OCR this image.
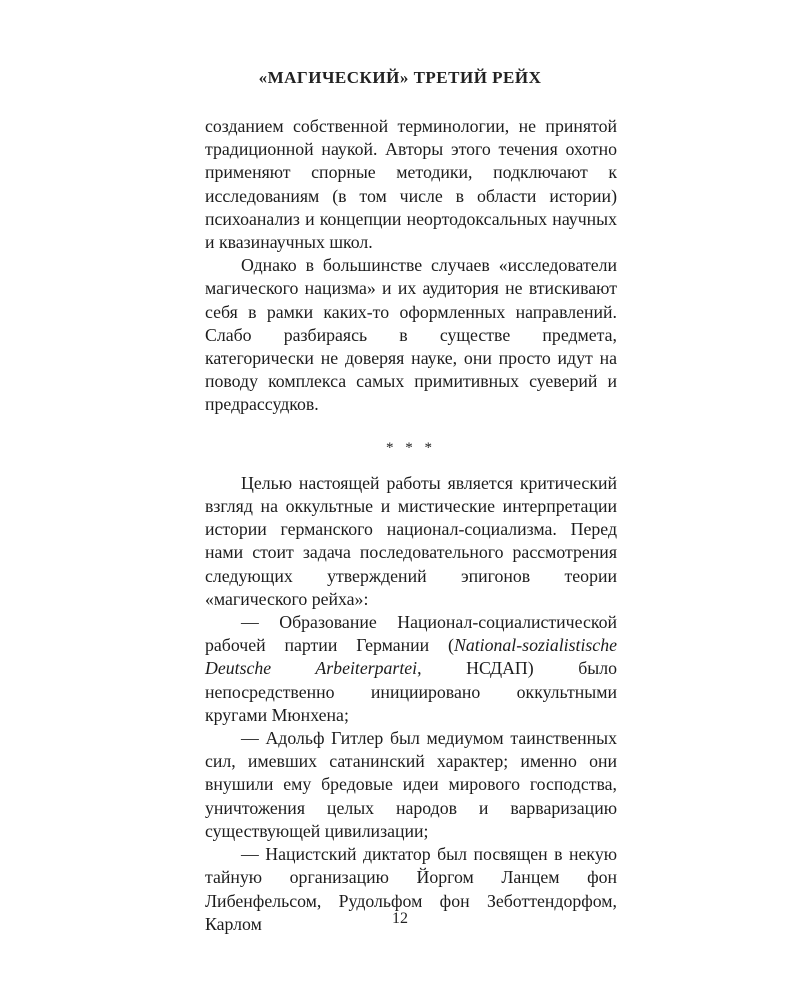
«МАГИЧЕСКИЙ» ТРЕТИЙ РЕЙХ

созданием собственной терминологии, не принятой традиционной наукой. Авторы этого течения охотно применяют спорные методики, подключают к исследованиям (в том числе в области истории) психоанализ и концепции неортодоксальных научных и квазинаучных школ.

Однако в большинстве случаев «исследователи магического нацизма» и их аудитория не втискивают себя в рамки каких-то оформленных направлений. Слабо разбираясь в существе предмета, категорически не доверяя науке, они просто идут на поводу комплекса самых примитивных суеверий и предрассудков.

* * *

Целью настоящей работы является критический взгляд на оккультные и мистические интерпретации истории германского национал-социализма. Перед нами стоит задача последовательного рассмотрения следующих утверждений эпигонов теории «магического рейха»:

— Образование Национал-социалистической рабочей партии Германии (National-sozialistische Deutsche Arbeiterpartei, НСДАП) было непосредственно инициировано оккультными кругами Мюнхена;

— Адольф Гитлер был медиумом таинственных сил, имевших сатанинский характер; именно они внушили ему бредовые идеи мирового господства, уничтожения целых народов и варваризацию существующей цивилизации;

— Нацистский диктатор был посвящен в некую тайную организацию Йоргом Ланцем фон Либенфельсом, Рудольфом фон Зеботтендорфом, Карлом	12
